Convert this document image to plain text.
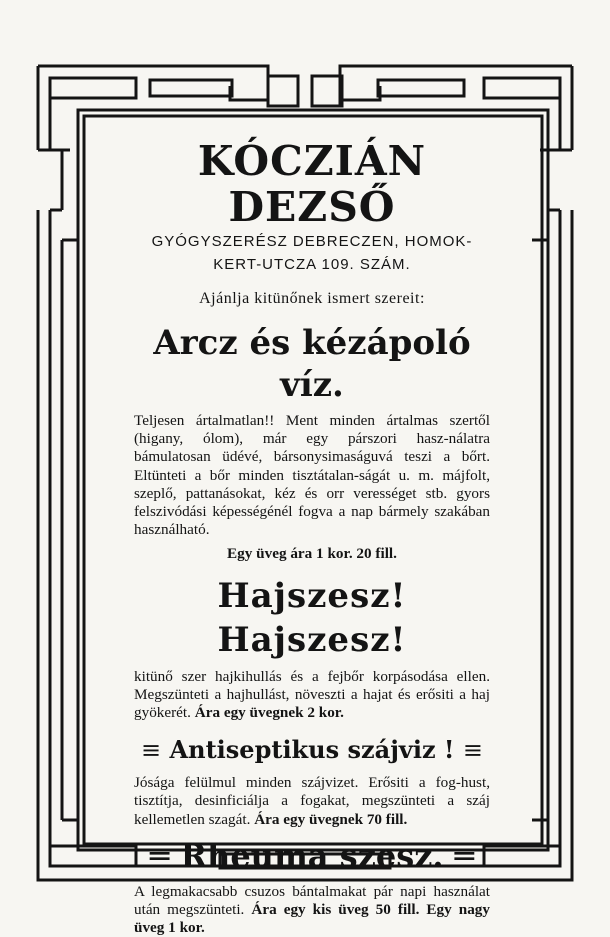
KÓCZIÁN DEZSŐ
GYÓGYSZERÉSZ DEBRECZEN, HOMOK-
KERT-UTCZA 109. SZÁM.
Ajánlja kitünőnek ismert szereit:
Arcz és kézápoló víz.
Teljesen ártalmatlan!! Ment minden ártalmas szertől (higany, ólom), már egy párszori hasz-nálatra bámulatosan üdévé, bársonysimaságuvá teszi a bőrt. Eltünteti a bőr minden tisztátalan-ságát u. m. májfolt, szeplő, pattanásokat, kéz és orr verességet stb. gyors felszivódási képességénél fogva a nap bármely szakában használható.
Egy üveg ára 1 kor. 20 fill.
Hajszesz! Hajszesz!
kitünő szer hajkihullás és a fejbőr korpásodása ellen. Megszünteti a hajhullást, növeszti a hajat és erősiti a haj gyökerét. Ára egy üvegnek 2 kor.
≡ Antiseptikus szájviz ! ≡
Jósága felülmul minden szájvizet. Erősiti a fog-hust, tisztítja, desinficiálja a fogakat, megszünteti a száj kellemetlen szagát. Ára egy üvegnek 70 fill.
═ Rheuma szesz. ═
A legmakacsabb csuzos bántalmakat pár napi használat után megszünteti. Ára egy kis üveg 50 fill. Egy nagy üveg 1 kor.
